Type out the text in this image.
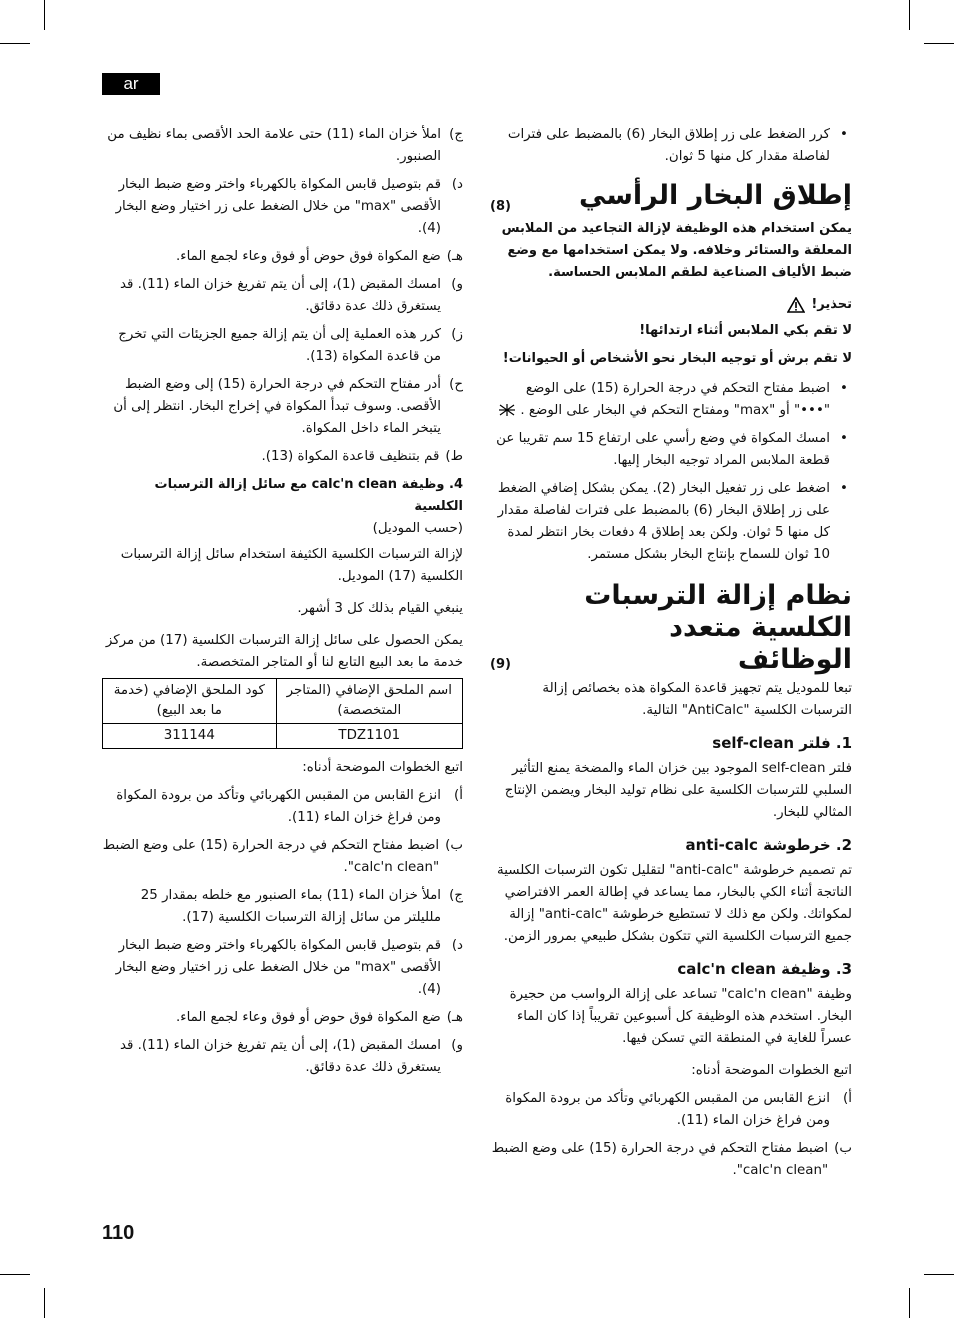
ar
•
كرر الضغط على زر إطلاق البخار (6) بالمضبط على فترات لفاصلة مقدار كل منها 5 ثوان.
(8)	إطلاق البخار الرأسي
يمكن استخدام هذه الوظيفة لإزالة التجاعيد من الملابس المعلقة والستائر وخلافه. ولا يمكن استخدامها مع وضع ضبط الألياف الصناعية لطقم الملابس الحساسة.
تحذير!
لا تقم بكي الملابس أثناء ارتدائها!
لا تقم برش أو توجيه البخار نحو الأشخاص أو الحيوانات!
•
اضبط مفتاح التحكم في درجة الحرارة (15) على الوضع "•••" أو "max" ومفتاح التحكم في البخار على الوضع .
•
امسك المكواة في وضع رأسي على ارتفاع 15 سم تقريبا عن قطعة الملابس المراد توجيه البخار إليها.
•
اضغط على زر تفعيل البخار (2). يمكن بشكل إضافي الضغط على زر إطلاق البخار (6) بالمضبط على فترات لفاصلة مقدار كل منها 5 ثوان. ولكن بعد إطلاق 4 دفعات بخار انتظر لمدة 10 ثوان للسماح بإنتاج البخار بشكل مستمر.
نظام إزالة الترسبات الكلسية متعدد
(9)	الوظائف
تبعا للموديل يتم تجهيز قاعدة المكواة هذه بخصائص إزالة الترسبات الكلسية "AntiCalc" التالية.
1. فلتر self-clean
فلتر self-clean الموجود بين خزان الماء والمضخة يمنع التأثير السلبي للترسبات الكلسية على نظام توليد البخار ويضمن الإنتاج المثالي للبخار.
2. خرطوشة anti-calc
تم تصميم خرطوشة "anti-calc" لتقليل تكون الترسبات الكلسية الناتجة أثناء الكي بالبخار، مما يساعد في إطالة العمر الافتراضي لمكواتك. ولكن مع ذلك لا تستطيع خرطوشة "anti-calc" إزالة جميع الترسبات الكلسية التي تتكون بشكل طبيعي بمرور الزمن.
3. وظيفة calc'n clean
وظيفة "calc'n clean" تساعد على إزالة الرواسب من حجيرة البخار. استخدم هذه الوظيفة كل أسبوعين تقريباً إذا كان الماء عسراً للغاية في المنطقة التي تسكن فيها.
اتبع الخطوات الموضحة أدناه:
أ)
انزع القابس من المقبس الكهربائي وتأكد من برودة المكواة ومن فراغ خزان الماء (11).
ب)
اضبط مفتاح التحكم في درجة الحرارة (15) على وضع الضبط "calc'n clean".
ج)
املأ خزان الماء (11) حتى علامة الحد الأقصى بماء نظيف من الصنبور.
د)
قم بتوصيل قابس المكواة بالكهرباء واختر وضع ضبط البخار الأقصى "max" من خلال الضغط على زر اختيار وضع البخار (4).
هـ)
ضع المكواة فوق حوض أو فوق وعاء لجمع الماء.
و)
امسك المقبض (1)، إلى أن يتم تفريغ خزان الماء (11). قد يستغرق ذلك عدة دقائق.
ز)
كرر هذه العملية إلى أن يتم إزالة جميع الجزيئات التي تخرج من قاعدة المكواة (13).
ح)
أدر مفتاح التحكم في درجة الحرارة (15) إلى وضع الضبط الأقصى. وسوف تبدأ المكواة في إخراج البخار. انتظر إلى أن يتبخر الماء داخل المكواة.
ط)
قم بتنظيف قاعدة المكواة (13).
4. وظيفة calc'n clean مع سائل إزالة الترسبات الكلسية
(حسب الموديل)
لإزالة الترسبات الكلسية الكثيفة استخدام سائل إزالة الترسبات الكلسية (17) الموديل.
ينبغي القيام بذلك كل 3 أشهر.
يمكن الحصول على سائل إزالة الترسبات الكلسية (17) من مركز خدمة ما بعد البيع التابع لنا أو المتاجر المتخصصة.
اسم الملحق الإضافي (المتاجر المتخصصة)	كود الملحق الإضافي (خدمة ما بعد البيع)
TDZ1101	311144
اتبع الخطوات الموضحة أدناه:
أ)
انزع القابس من المقبس الكهربائي وتأكد من برودة المكواة ومن فراغ خزان الماء (11).
ب)
اضبط مفتاح التحكم في درجة الحرارة (15) على وضع الضبط "calc'n clean".
ج)
املأ خزان الماء (11) بماء الصنبور مع خلطه بمقدار 25 ملليلتر من سائل إزالة الترسبات الكلسية (17).
د)
قم بتوصيل قابس المكواة بالكهرباء واختر وضع ضبط البخار الأقصى "max" من خلال الضغط على زر اختيار وضع البخار (4).
هـ)
ضع المكواة فوق حوض أو فوق وعاء لجمع الماء.
و)
امسك المقبض (1)، إلى أن يتم تفريغ خزان الماء (11). قد يستغرق ذلك عدة دقائق.
110
